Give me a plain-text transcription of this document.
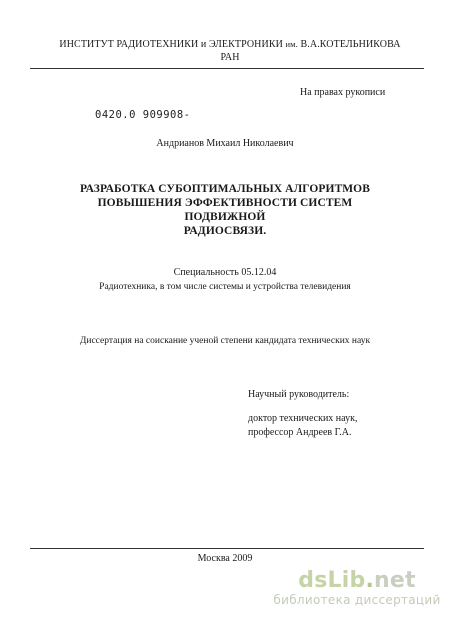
ИНСТИТУТ РАДИОТЕХНИКИ и ЭЛЕКТРОНИКИ им. В.А.КОТЕЛЬНИКОВА
РАН
На правах рукописи
0420.0 909908-
Андрианов Михаил Николаевич
РАЗРАБОТКА СУБОПТИМАЛЬНЫХ АЛГОРИТМОВ
ПОВЫШЕНИЯ ЭФФЕКТИВНОСТИ СИСТЕМ ПОДВИЖНОЙ
РАДИОСВЯЗИ.
Специальность 05.12.04
Радиотехника, в том числе системы и устройства телевидения
Диссертация на соискание ученой степени кандидата технических наук
Научный руководитель:
доктор технических наук,
профессор Андреев Г.А.
Москва 2009
dsLib.net
библиотека диссертаций
